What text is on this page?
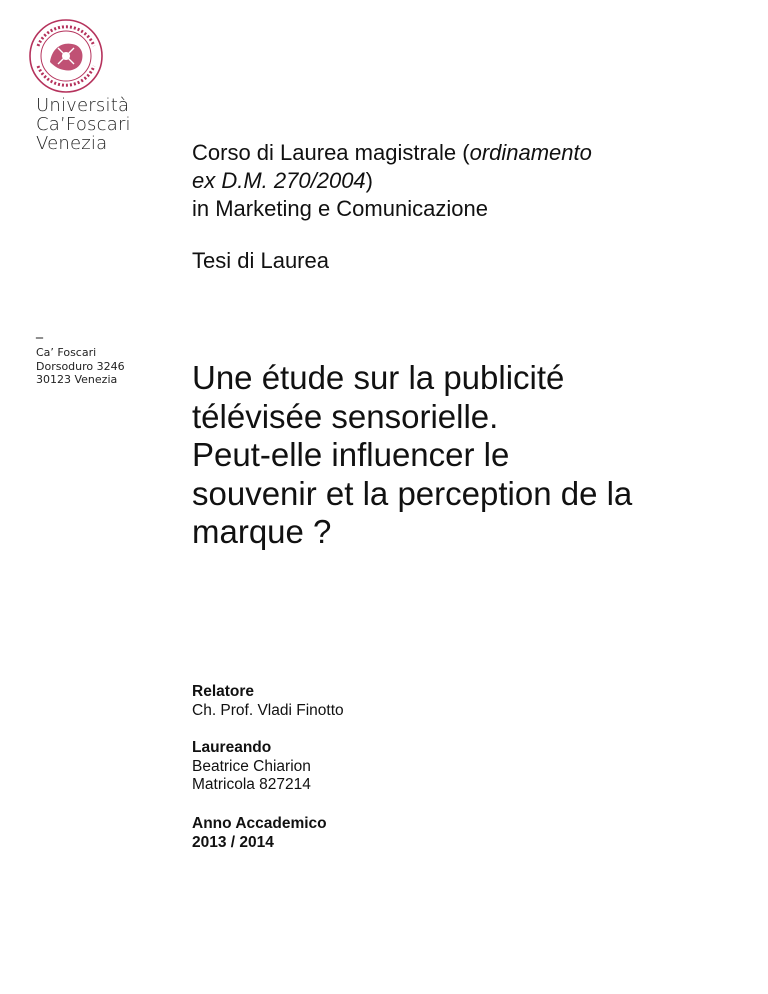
Università
Ca’Foscari
Venezia
_
Ca’ Foscari
Dorsoduro 3246
30123 Venezia
Corso di Laurea magistrale (ordinamento
ex D.M. 270/2004)
in Marketing e Comunicazione
Tesi di Laurea
Une étude sur la publicité
télévisée sensorielle.
Peut-elle influencer le
souvenir et la perception de la
marque ?
Relatore
Ch. Prof. Vladi Finotto
Laureando
Beatrice Chiarion
Matricola 827214
Anno Accademico
2013 / 2014
